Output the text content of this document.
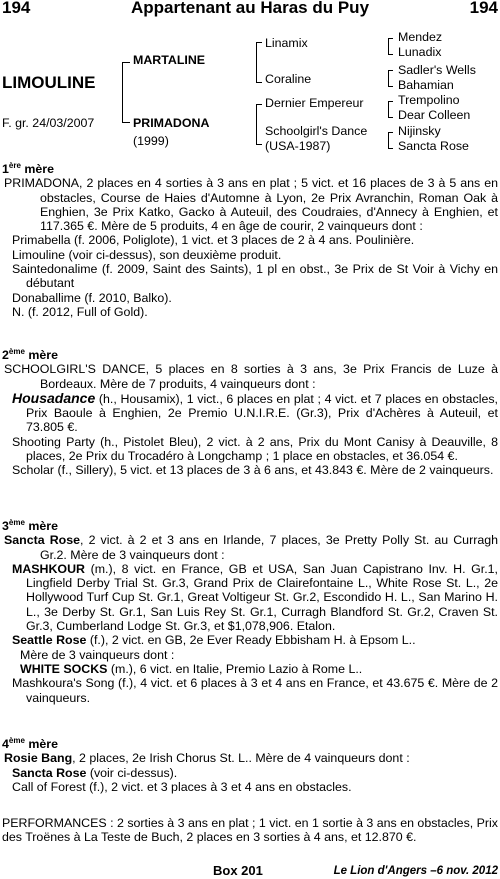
194	Appartenant au Haras du Puy	194
LIMOULINE
F. gr. 24/03/2007
MARTALINE
PRIMADONA
(1999)
Linamix
Coraline
Dernier Empereur
Schoolgirl's Dance
(USA-1987)
Mendez
Lunadix
Sadler's Wells
Bahamian
Trempolino
Dear Colleen
Nijinsky
Sancta Rose
1ère mère

PRIMADONA, 2 places en 4 sorties à 3 ans en plat ; 5 vict. et 16 places de 3 à 5 ans en obstacles, Course de Haies d'Automne à Lyon, 2e Prix Avranchin, Roman Oak à Enghien, 3e Prix Katko, Gacko à Auteuil, des Coudraies, d'Annecy à Enghien, et 117.365 €. Mère de 5 produits, 4 en âge de courir, 2 vainqueurs dont :

Primabella (f. 2006, Poliglote), 1 vict. et 3 places de 2 à 4 ans. Poulinière.

Limouline (voir ci-dessus), son deuxième produit.

Saintedonalime (f. 2009, Saint des Saints), 1 pl en obst., 3e Prix de St Voir à Vichy en débutant

Donaballime (f. 2010, Balko).

N. (f. 2012, Full of Gold).

2ème mère

SCHOOLGIRL'S DANCE, 5 places en 8 sorties à 3 ans, 3e Prix Francis de Luze à Bordeaux. Mère de 7 produits, 4 vainqueurs dont :

Housadance (h., Housamix), 1 vict., 6 places en plat ; 4 vict. et 7 places en obstacles, Prix Baoule à Enghien, 2e Premio U.N.I.R.E. (Gr.3), Prix d'Achères à Auteuil, et 73.805 €.

Shooting Party (h., Pistolet Bleu), 2 vict. à 2 ans, Prix du Mont Canisy à Deauville, 8 places, 2e Prix du Trocadéro à Longchamp ; 1 place en obstacles, et 36.054 €.

Scholar (f., Sillery), 5 vict. et 13 places de 3 à 6 ans, et 43.843 €. Mère de 2 vainqueurs.

3ème mère

Sancta Rose, 2 vict. à 2 et 3 ans en Irlande, 7 places, 3e Pretty Polly St. au Curragh Gr.2. Mère de 3 vainqueurs dont :

MASHKOUR (m.), 8 vict. en France, GB et USA, San Juan Capistrano Inv. H. Gr.1, Lingfield Derby Trial St. Gr.3, Grand Prix de Clairefontaine L., White Rose St. L., 2e Hollywood Turf Cup St. Gr.1, Great Voltigeur St. Gr.2, Escondido H. L., San Marino H. L., 3e Derby St. Gr.1, San Luis Rey St. Gr.1, Curragh Blandford St. Gr.2, Craven St. Gr.3, Cumberland Lodge St. Gr.3, et $1,078,906. Etalon.

Seattle Rose (f.), 2 vict. en GB, 2e Ever Ready Ebbisham H. à Epsom L..

Mère de 3 vainqueurs dont :

WHITE SOCKS (m.), 6 vict. en Italie, Premio Lazio à Rome L..

Mashkoura's Song (f.), 4 vict. et 6 places à 3 et 4 ans en France, et 43.675 €. Mère de 2 vainqueurs.

4ème mère

Rosie Bang, 2 places, 2e Irish Chorus St. L.. Mère de 4 vainqueurs dont :

Sancta Rose (voir ci-dessus).

Call of Forest (f.), 2 vict. et 3 places à 3 et 4 ans en obstacles.

PERFORMANCES : 2 sorties à 3 ans en plat ; 1 vict. en 1 sortie à 3 ans en obstacles, Prix des Troënes à La Teste de Buch, 2 places en 3 sorties à 4 ans, et 12.870 €.

Box 201	Le Lion d'Angers –6 nov. 2012
